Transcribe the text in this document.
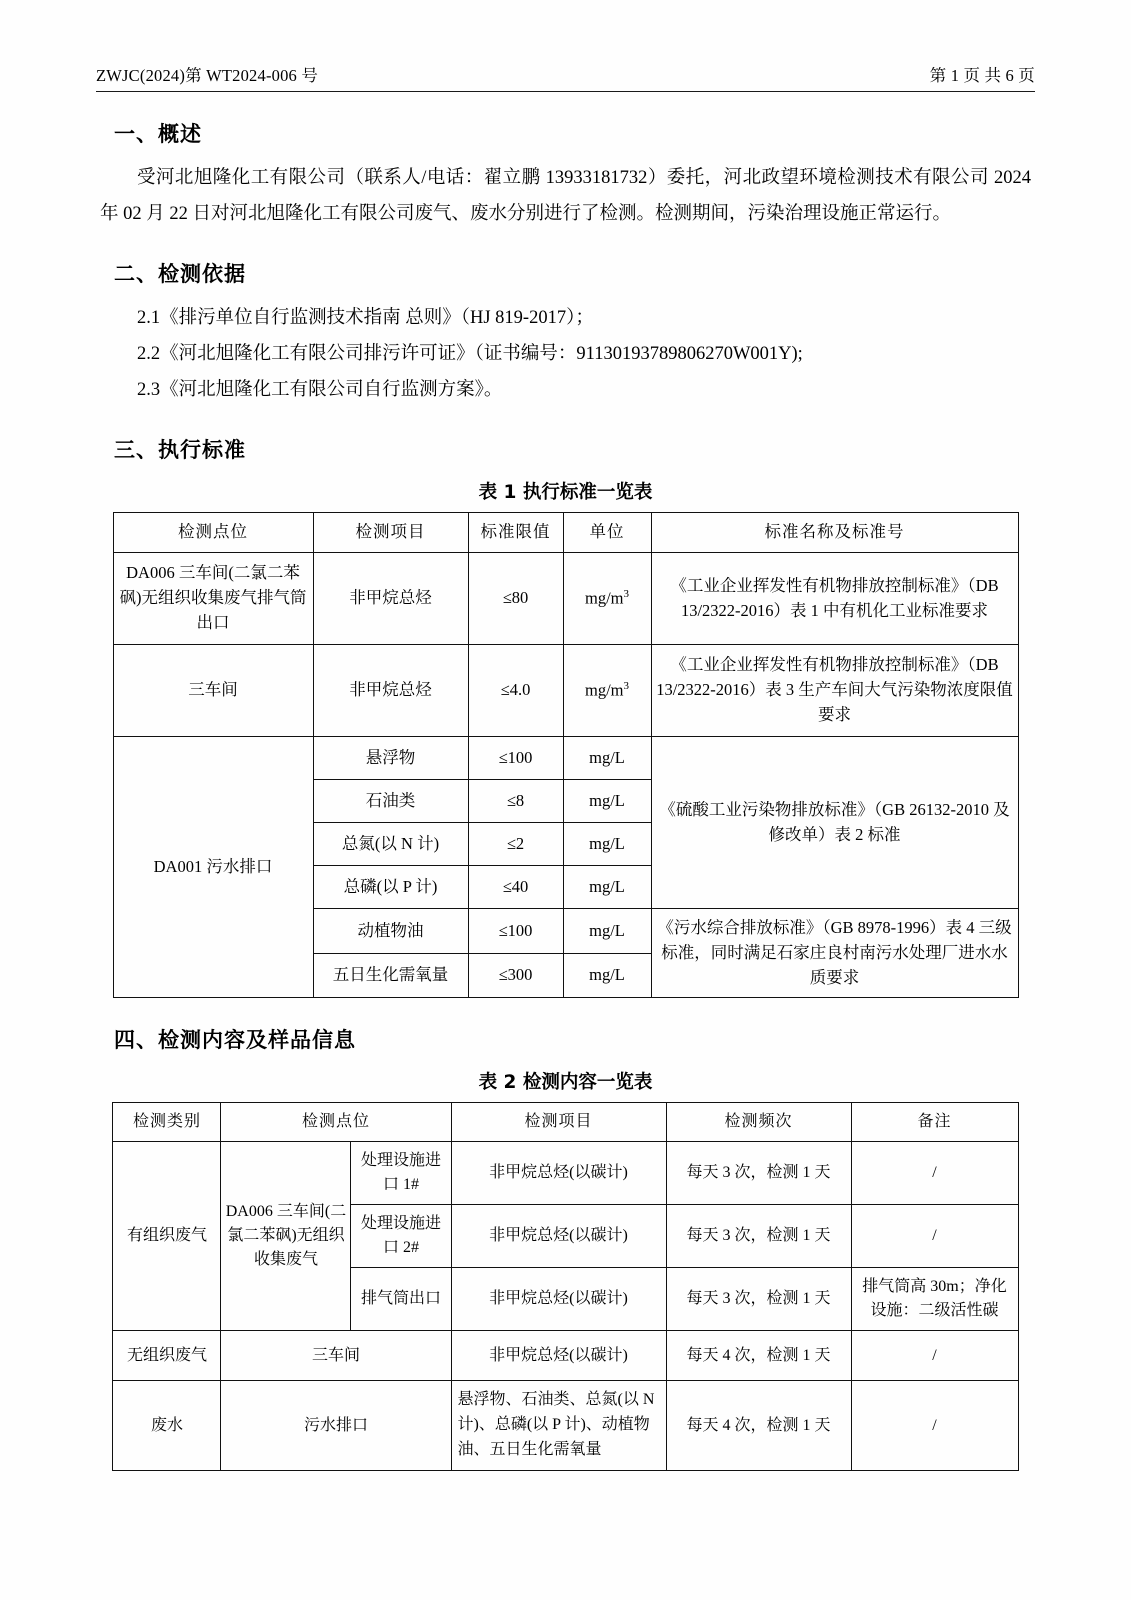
ZWJC(2024)第 WT2024-006 号	第 1 页 共 6 页
一、概述

受河北旭隆化工有限公司（联系人/电话：翟立鹏 13933181732）委托，河北政望环境检测技术有限公司 2024 年 02 月 22 日对河北旭隆化工有限公司废气、废水分别进行了检测。检测期间，污染治理设施正常运行。

二、检测依据

2.1《排污单位自行监测技术指南 总则》（HJ 819-2017）；

2.2《河北旭隆化工有限公司排污许可证》（证书编号：91130193789806270W001Y);

2.3《河北旭隆化工有限公司自行监测方案》。

三、执行标准
表 1 执行标准一览表
检测点位	检测项目	标准限值	单位	标准名称及标准号
DA006 三车间(二氯二苯砜)无组织收集废气排气筒出口	非甲烷总烃	≤80	$mg/m^3$	《工业企业挥发性有机物排放控制标准》（DB 13/2322-2016）表 1 中有机化工业标准要求
三车间	非甲烷总烃	≤4.0	$mg/m^3$	《工业企业挥发性有机物排放控制标准》（DB 13/2322-2016）表 3 生产车间大气污染物浓度限值要求
DA001 污水排口	悬浮物	≤100	mg/L	《硫酸工业污染物排放标准》（GB 26132-2010 及修改单）表 2 标准
	石油类	≤8	mg/L	
	总氮(以 N 计)	≤2	mg/L	
	总磷(以 P 计)	≤40	mg/L	
	动植物油	≤100	mg/L	《污水综合排放标准》（GB 8978-1996）表 4 三级标准，同时满足石家庄良村南污水处理厂进水水质要求
	五日生化需氧量	≤300	mg/L	
四、检测内容及样品信息
表 2 检测内容一览表
检测类别	检测点位		检测项目	检测频次	备注
有组织废气	DA006 三车间(二氯二苯砜)无组织收集废气	处理设施进口 1#	非甲烷总烃(以碳计)	每天 3 次，检测 1 天	/
		处理设施进口 2#	非甲烷总烃(以碳计)	每天 3 次，检测 1 天	/
		排气筒出口	非甲烷总烃(以碳计)	每天 3 次，检测 1 天	排气筒高 30m；净化设施：二级活性碳
无组织废气	三车间		非甲烷总烃(以碳计)	每天 4 次，检测 1 天	/
废水	污水排口		悬浮物、石油类、总氮(以 N 计)、总磷(以 P 计)、动植物油、五日生化需氧量	每天 4 次，检测 1 天	/
